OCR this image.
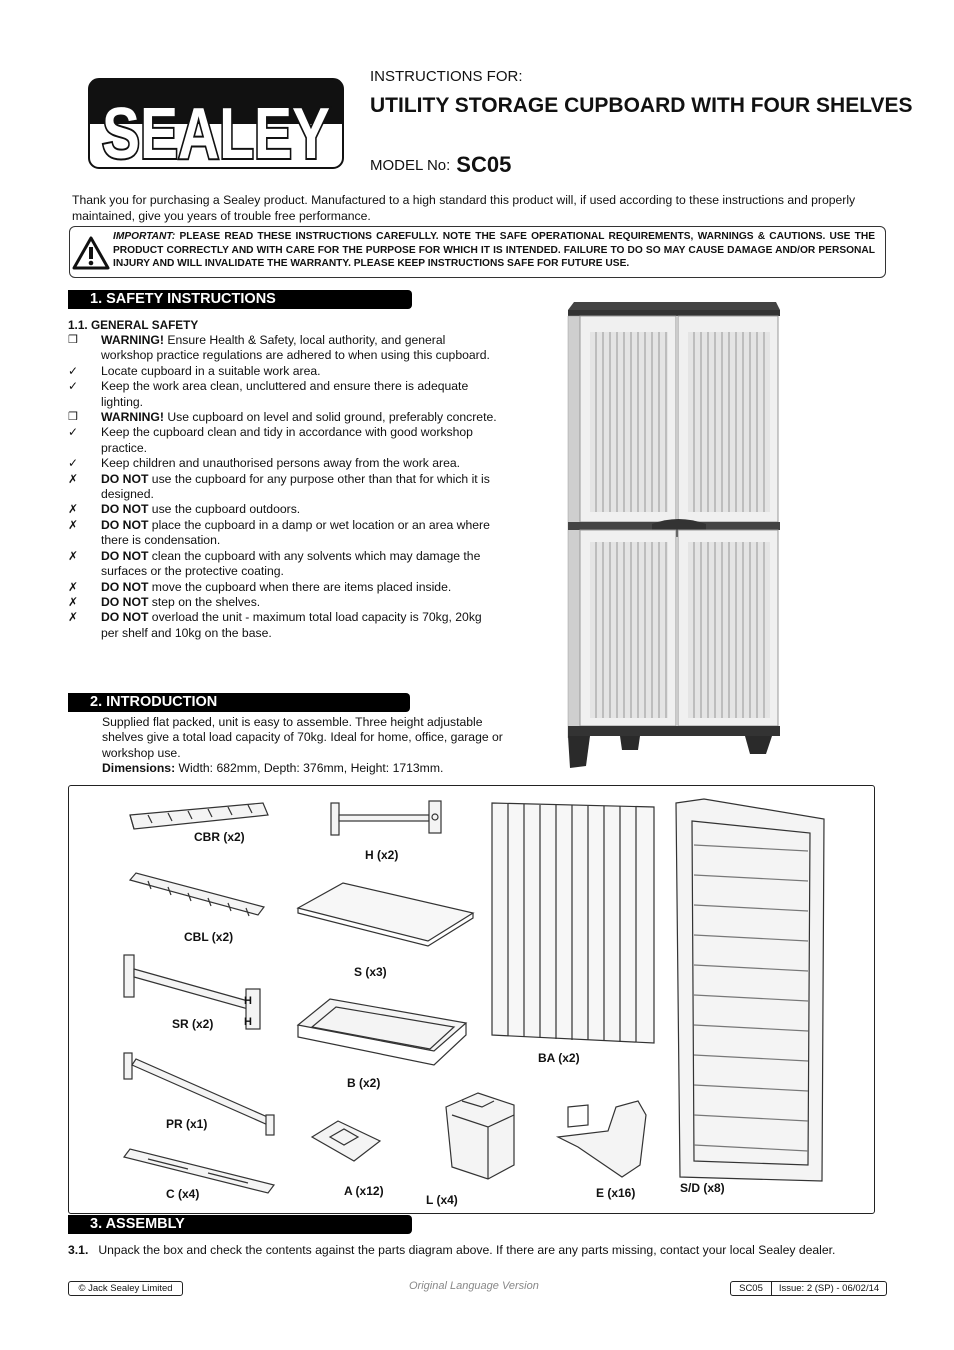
SEALEY
INSTRUCTIONS FOR:
UTILITY STORAGE CUPBOARD WITH FOUR SHELVES
MODEL No: SC05
Thank you for purchasing a Sealey product. Manufactured to a high standard this product will, if used according to these instructions and properly maintained, give you years of trouble free performance.
IMPORTANT: PLEASE READ THESE INSTRUCTIONS CAREFULLY. NOTE THE SAFE OPERATIONAL REQUIREMENTS, WARNINGS & CAUTIONS. USE THE PRODUCT CORRECTLY AND WITH CARE FOR THE PURPOSE FOR WHICH IT IS INTENDED. FAILURE TO DO SO MAY CAUSE DAMAGE AND/OR PERSONAL INJURY AND WILL INVALIDATE THE WARRANTY. PLEASE KEEP INSTRUCTIONS SAFE FOR FUTURE USE.
1. SAFETY INSTRUCTIONS
1.1. GENERAL SAFETY
❒	WARNING! Ensure Health & Safety, local authority, and general workshop practice regulations are adhered to when using this cupboard.
✓	Locate cupboard in a suitable work area.
✓	Keep the work area clean, uncluttered and ensure there is adequate lighting.
❒	WARNING! Use cupboard on level and solid ground, preferably concrete.
✓	Keep the cupboard clean and tidy in accordance with good workshop practice.
✓	Keep children and unauthorised persons away from the work area.
✗	DO NOT use the cupboard for any purpose other than that for which it is designed.
✗	DO NOT use the cupboard outdoors.
✗	DO NOT place the cupboard in a damp or wet location or an area where there is condensation.
✗	DO NOT clean the cupboard with any solvents which may damage the surfaces or the protective coating.
✗	DO NOT move the cupboard when there are items placed inside.
✗	DO NOT step on the shelves.
✗	DO NOT overload the unit - maximum total load capacity is 70kg, 20kg per shelf and 10kg on the base.
2. INTRODUCTION
Supplied flat packed, unit is easy to assemble. Three height adjustable shelves give a total load capacity of 70kg. Ideal for home, office, garage or workshop use.
Dimensions: Width: 682mm, Depth: 376mm, Height: 1713mm.
CBR (x2)
H (x2)
CBL (x2)
S (x3)
SR (x2)
H
H
B (x2)
BA (x2)
PR (x1)
C (x4)	A (x12)
L (x4)	E (x16)	S/D (x8)
3. ASSEMBLY
3.1. Unpack the box and check the contents against the parts diagram above. If there are any parts missing, contact your local Sealey dealer.
© Jack Sealey Limited	Original Language Version	SC05	Issue: 2 (SP) - 06/02/14
